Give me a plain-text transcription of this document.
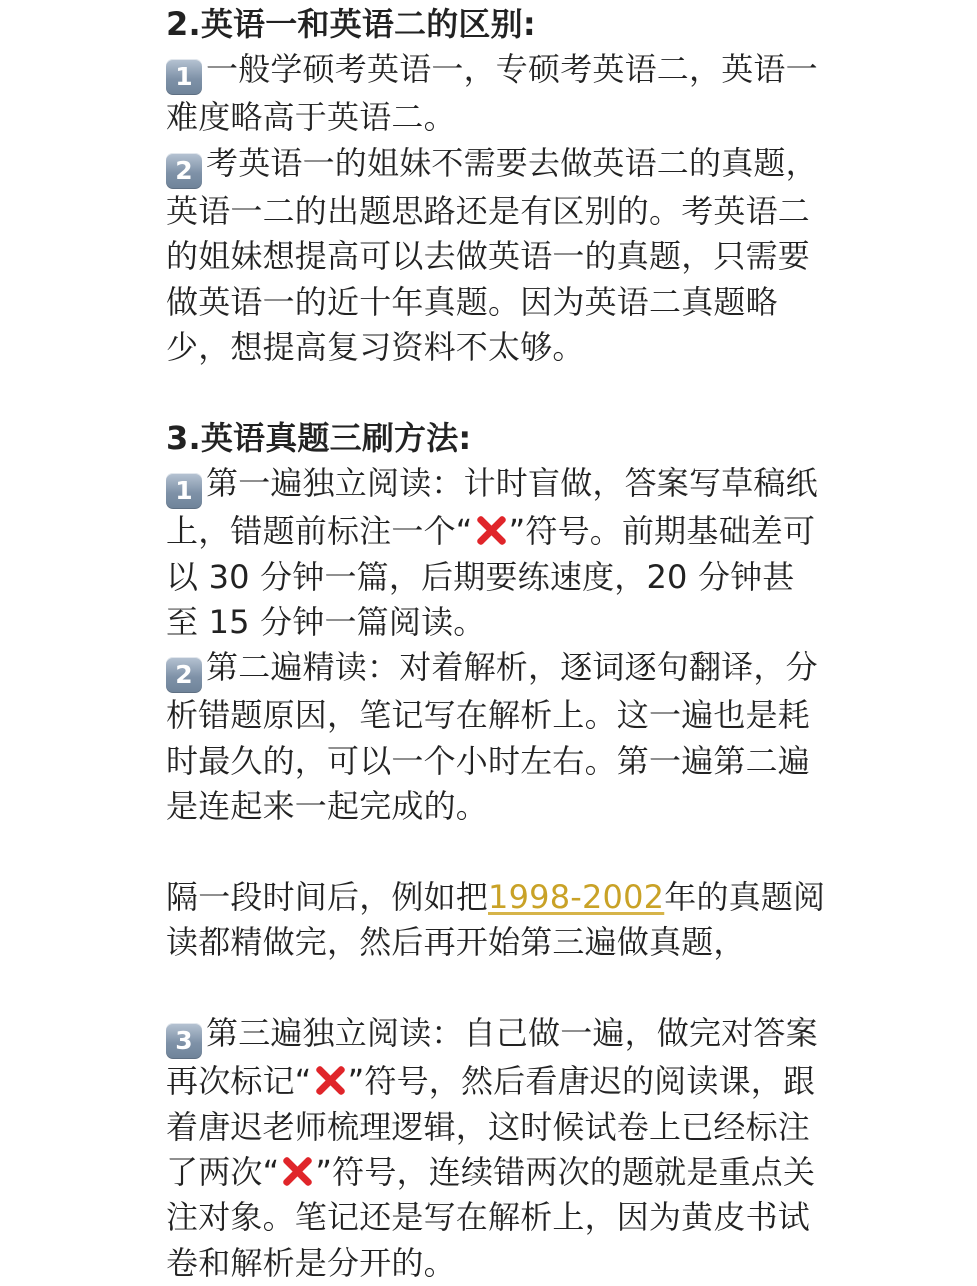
2.英语一和英语二的区别:

1 一般学硕考英语一，专硕考英语二，英语一难度略高于英语二。

2 考英语一的姐妹不需要去做英语二的真题，英语一二的出题思路还是有区别的。考英语二的姐妹想提高可以去做英语一的真题，只需要做英语一的近十年真题。因为英语二真题略少，想提高复习资料不太够。

3.英语真题三刷方法:

1 第一遍独立阅读：计时盲做，答案写草稿纸上，错题前标注一个“ ”符号。前期基础差可以 30 分钟一篇，后期要练速度，20 分钟甚至 15 分钟一篇阅读。

2 第二遍精读：对着解析，逐词逐句翻译，分析错题原因，笔记写在解析上。这一遍也是耗时最久的，可以一个小时左右。第一遍第二遍是连起来一起完成的。

隔一段时间后，例如把1998-2002年的真题阅读都精做完，然后再开始第三遍做真题，

3 第三遍独立阅读：自己做一遍，做完对答案再次标记“ ”符号，然后看唐迟的阅读课，跟着唐迟老师梳理逻辑，这时候试卷上已经标注了两次“ ”符号，连续错两次的题就是重点关注对象。笔记还是写在解析上，因为黄皮书试卷和解析是分开的。
